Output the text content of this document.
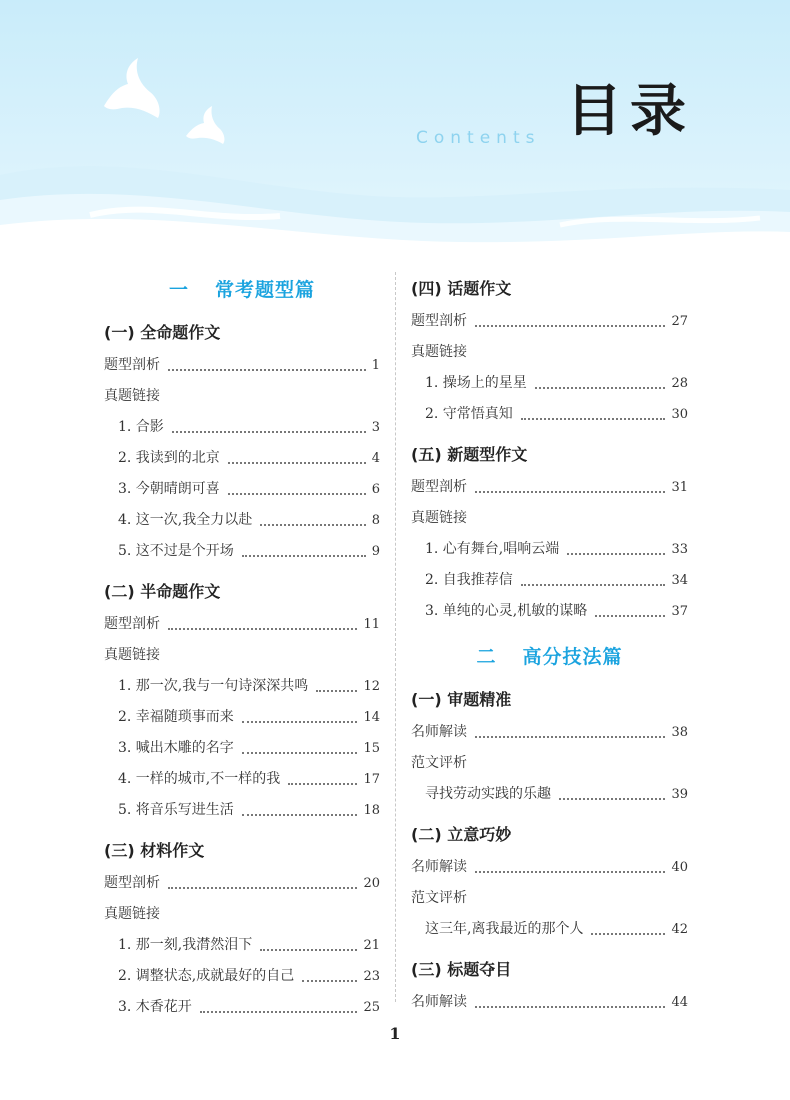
Contents 目录
一 常考题型篇
(一) 全命题作文
题型剖析	1
真题链接
1. 合影	3
2. 我读到的北京	4
3. 今朝晴朗可喜	6
4. 这一次,我全力以赴	8
5. 这不过是个开场	9
(二) 半命题作文
题型剖析	11
真题链接
1. 那一次,我与一句诗深深共鸣	12
2. 幸福随琐事而来	14
3. 喊出木雕的名字	15
4. 一样的城市,不一样的我	17
5. 将音乐写进生活	18
(三) 材料作文
题型剖析	20
真题链接
1. 那一刻,我潸然泪下	21
2. 调整状态,成就最好的自己	23
3. 木香花开	25
(四) 话题作文
题型剖析	27
真题链接
1. 操场上的星星	28
2. 守常悟真知	30
(五) 新题型作文
题型剖析	31
真题链接
1. 心有舞台,唱响云端	33
2. 自我推荐信	34
3. 单纯的心灵,机敏的谋略	37
二 高分技法篇
(一) 审题精准
名师解读	38
范文评析
寻找劳动实践的乐趣	39
(二) 立意巧妙
名师解读	40
范文评析
这三年,离我最近的那个人	42
(三) 标题夺目
名师解读	44
1
